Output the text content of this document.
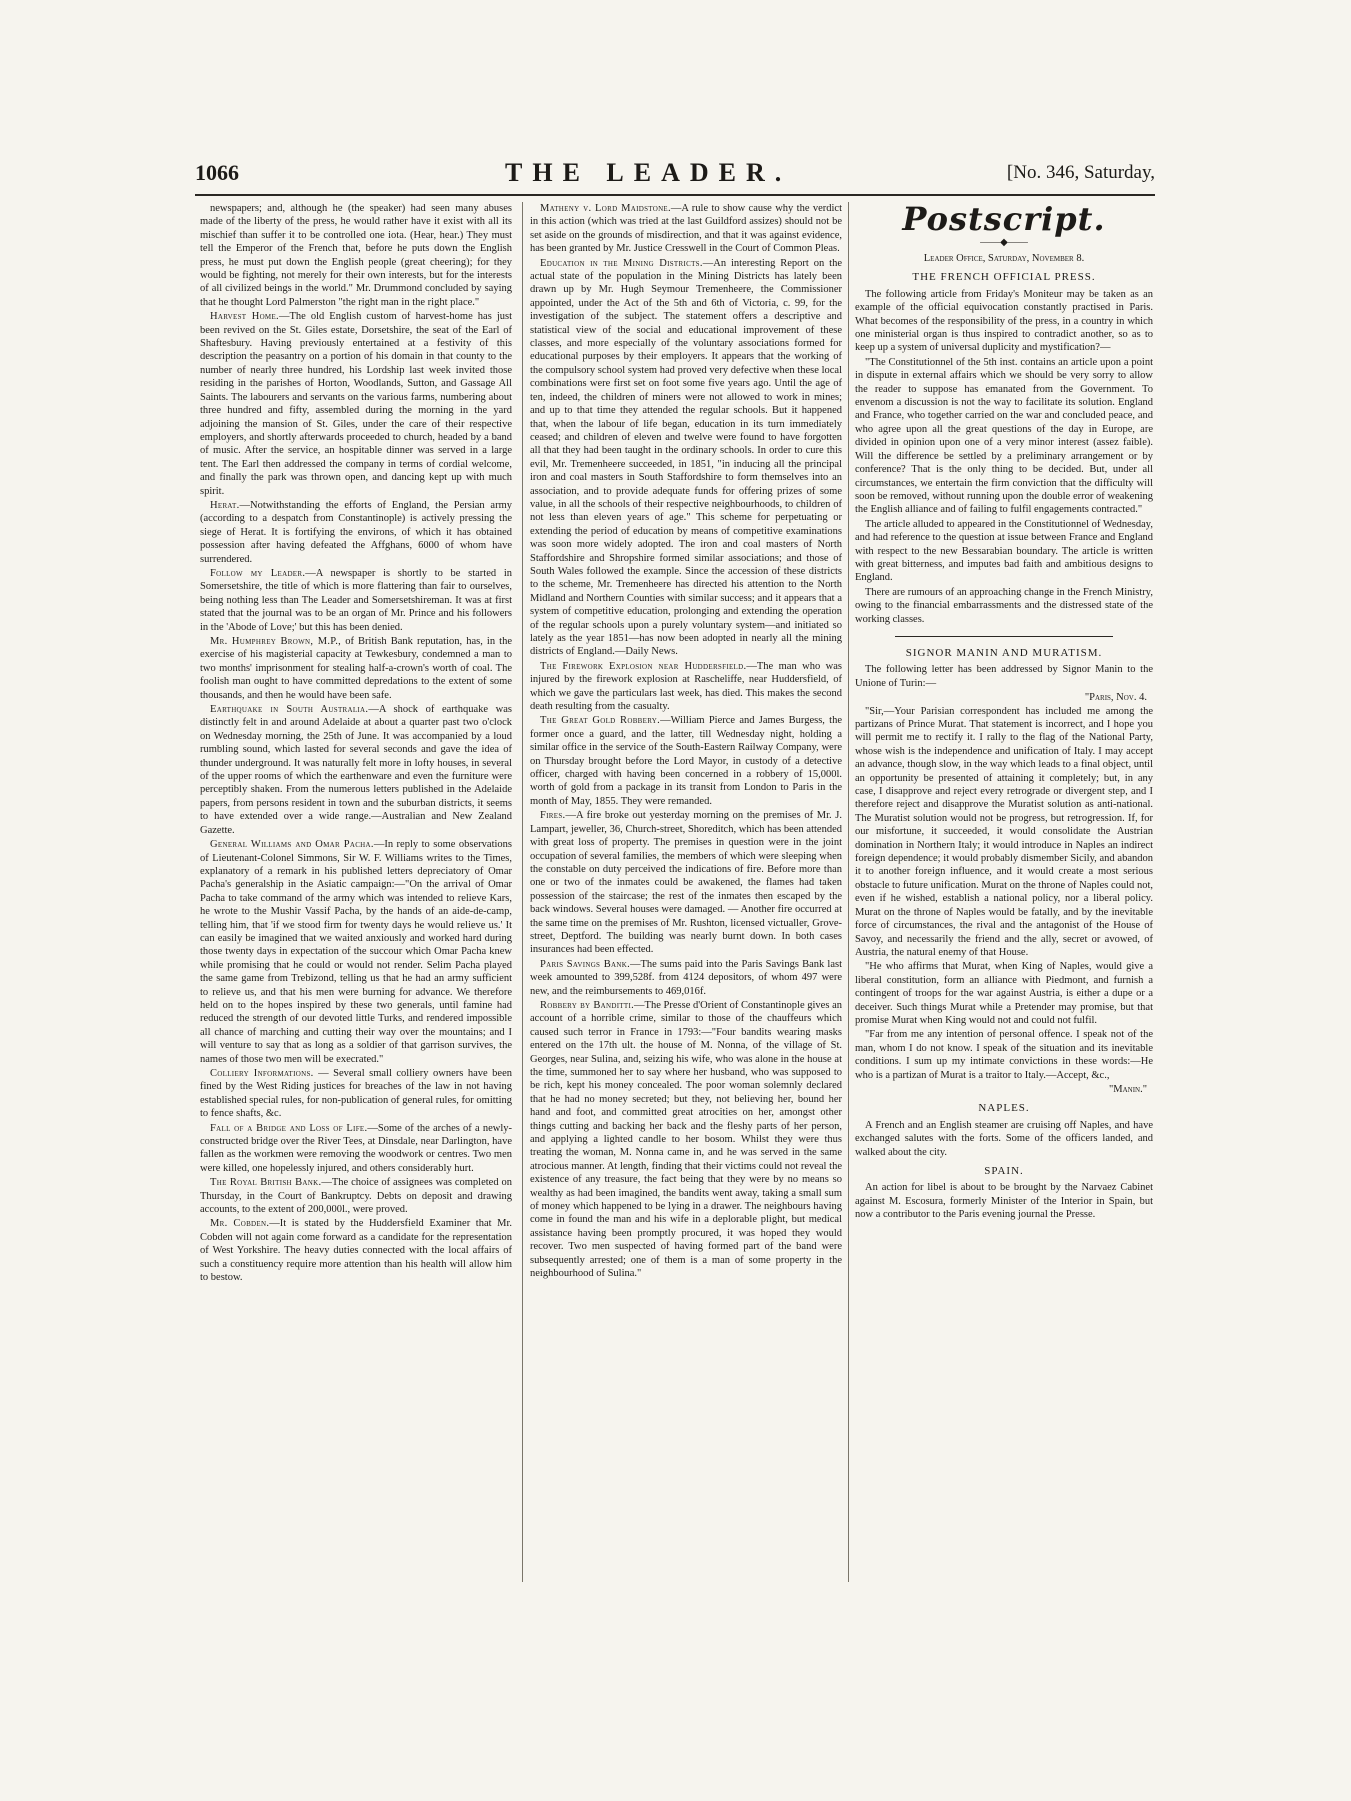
1066	THE LEADER.	[No. 346, Saturday,

newspapers; and, although he (the speaker) had seen many abuses made of the liberty of the press, he would rather have it exist with all its mischief than suffer it to be controlled one iota. (Hear, hear.) They must tell the Emperor of the French that, before he puts down the English press, he must put down the English people (great cheering); for they would be fighting, not merely for their own interests, but for the interests of all civilized beings in the world." Mr. Drummond concluded by saying that he thought Lord Palmerston "the right man in the right place."

Harvest Home.—The old English custom of harvest-home has just been revived on the St. Giles estate, Dorsetshire, the seat of the Earl of Shaftesbury. Having previously entertained at a festivity of this description the peasantry on a portion of his domain in that county to the number of nearly three hundred, his Lordship last week invited those residing in the parishes of Horton, Woodlands, Sutton, and Gassage All Saints. The labourers and servants on the various farms, numbering about three hundred and fifty, assembled during the morning in the yard adjoining the mansion of St. Giles, under the care of their respective employers, and shortly afterwards proceeded to church, headed by a band of music. After the service, an hospitable dinner was served in a large tent. The Earl then addressed the company in terms of cordial welcome, and finally the park was thrown open, and dancing kept up with much spirit.

Herat.—Notwithstanding the efforts of England, the Persian army (according to a despatch from Constantinople) is actively pressing the siege of Herat. It is fortifying the environs, of which it has obtained possession after having defeated the Affghans, 6000 of whom have surrendered.

Follow my Leader.—A newspaper is shortly to be started in Somersetshire, the title of which is more flattering than fair to ourselves, being nothing less than The Leader and Somersetshireman. It was at first stated that the journal was to be an organ of Mr. Prince and his followers in the 'Abode of Love;' but this has been denied.

Mr. Humphrey Brown, M.P., of British Bank reputation, has, in the exercise of his magisterial capacity at Tewkesbury, condemned a man to two months' imprisonment for stealing half-a-crown's worth of coal. The foolish man ought to have committed depredations to the extent of some thousands, and then he would have been safe.

Earthquake in South Australia.—A shock of earthquake was distinctly felt in and around Adelaide at about a quarter past two o'clock on Wednesday morning, the 25th of June. It was accompanied by a loud rumbling sound, which lasted for several seconds and gave the idea of thunder underground. It was naturally felt more in lofty houses, in several of the upper rooms of which the earthenware and even the furniture were perceptibly shaken. From the numerous letters published in the Adelaide papers, from persons resident in town and the suburban districts, it seems to have extended over a wide range.—Australian and New Zealand Gazette.

General Williams and Omar Pacha.—In reply to some observations of Lieutenant-Colonel Simmons, Sir W. F. Williams writes to the Times, explanatory of a remark in his published letters depreciatory of Omar Pacha's generalship in the Asiatic campaign:—"On the arrival of Omar Pacha to take command of the army which was intended to relieve Kars, he wrote to the Mushir Vassif Pacha, by the hands of an aide-de-camp, telling him, that 'if we stood firm for twenty days he would relieve us.' It can easily be imagined that we waited anxiously and worked hard during those twenty days in expectation of the succour which Omar Pacha knew while promising that he could or would not render. Selim Pacha played the same game from Trebizond, telling us that he had an army sufficient to relieve us, and that his men were burning for advance. We therefore held on to the hopes inspired by these two generals, until famine had reduced the strength of our devoted little Turks, and rendered impossible all chance of marching and cutting their way over the mountains; and I will venture to say that as long as a soldier of that garrison survives, the names of those two men will be execrated."

Colliery Informations. — Several small colliery owners have been fined by the West Riding justices for breaches of the law in not having established special rules, for non-publication of general rules, for omitting to fence shafts, &c.

Fall of a Bridge and Loss of Life.—Some of the arches of a newly-constructed bridge over the River Tees, at Dinsdale, near Darlington, have fallen as the workmen were removing the woodwork or centres. Two men were killed, one hopelessly injured, and others considerably hurt.

The Royal British Bank.—The choice of assignees was completed on Thursday, in the Court of Bankruptcy. Debts on deposit and drawing accounts, to the extent of 200,000l., were proved.

Mr. Cobden.—It is stated by the Huddersfield Examiner that Mr. Cobden will not again come forward as a candidate for the representation of West Yorkshire. The heavy duties connected with the local affairs of such a constituency require more attention than his health will allow him to bestow.

Matheny v. Lord Maidstone.—A rule to show cause why the verdict in this action (which was tried at the last Guildford assizes) should not be set aside on the grounds of misdirection, and that it was against evidence, has been granted by Mr. Justice Cresswell in the Court of Common Pleas.

Education in the Mining Districts.—An interesting Report on the actual state of the population in the Mining Districts has lately been drawn up by Mr. Hugh Seymour Tremenheere, the Commissioner appointed, under the Act of the 5th and 6th of Victoria, c. 99, for the investigation of the subject. The statement offers a descriptive and statistical view of the social and educational improvement of these classes, and more especially of the voluntary associations formed for educational purposes by their employers. It appears that the working of the compulsory school system had proved very defective when these local combinations were first set on foot some five years ago. Until the age of ten, indeed, the children of miners were not allowed to work in mines; and up to that time they attended the regular schools. But it happened that, when the labour of life began, education in its turn immediately ceased; and children of eleven and twelve were found to have forgotten all that they had been taught in the ordinary schools. In order to cure this evil, Mr. Tremenheere succeeded, in 1851, "in inducing all the principal iron and coal masters in South Staffordshire to form themselves into an association, and to provide adequate funds for offering prizes of some value, in all the schools of their respective neighbourhoods, to children of not less than eleven years of age." This scheme for perpetuating or extending the period of education by means of competitive examinations was soon more widely adopted. The iron and coal masters of North Staffordshire and Shropshire formed similar associations; and those of South Wales followed the example. Since the accession of these districts to the scheme, Mr. Tremenheere has directed his attention to the North Midland and Northern Counties with similar success; and it appears that a system of competitive education, prolonging and extending the operation of the regular schools upon a purely voluntary system—and initiated so lately as the year 1851—has now been adopted in nearly all the mining districts of England.—Daily News.

The Firework Explosion near Huddersfield.—The man who was injured by the firework explosion at Rascheliffe, near Huddersfield, of which we gave the particulars last week, has died. This makes the second death resulting from the casualty.

The Great Gold Robbery.—William Pierce and James Burgess, the former once a guard, and the latter, till Wednesday night, holding a similar office in the service of the South-Eastern Railway Company, were on Thursday brought before the Lord Mayor, in custody of a detective officer, charged with having been concerned in a robbery of 15,000l. worth of gold from a package in its transit from London to Paris in the month of May, 1855. They were remanded.

Fires.—A fire broke out yesterday morning on the premises of Mr. J. Lampart, jeweller, 36, Church-street, Shoreditch, which has been attended with great loss of property. The premises in question were in the joint occupation of several families, the members of which were sleeping when the constable on duty perceived the indications of fire. Before more than one or two of the inmates could be awakened, the flames had taken possession of the staircase; the rest of the inmates then escaped by the back windows. Several houses were damaged. — Another fire occurred at the same time on the premises of Mr. Rushton, licensed victualler, Grove-street, Deptford. The building was nearly burnt down. In both cases insurances had been effected.

Paris Savings Bank.—The sums paid into the Paris Savings Bank last week amounted to 399,528f. from 4124 depositors, of whom 497 were new, and the reimbursements to 469,016f.

Robbery by Banditti.—The Presse d'Orient of Constantinople gives an account of a horrible crime, similar to those of the chauffeurs which caused such terror in France in 1793:—"Four bandits wearing masks entered on the 17th ult. the house of M. Nonna, of the village of St. Georges, near Sulina, and, seizing his wife, who was alone in the house at the time, summoned her to say where her husband, who was supposed to be rich, kept his money concealed. The poor woman solemnly declared that he had no money secreted; but they, not believing her, bound her hand and foot, and committed great atrocities on her, amongst other things cutting and backing her back and the fleshy parts of her person, and applying a lighted candle to her bosom. Whilst they were thus treating the woman, M. Nonna came in, and he was served in the same atrocious manner. At length, finding that their victims could not reveal the existence of any treasure, the fact being that they were by no means so wealthy as had been imagined, the bandits went away, taking a small sum of money which happened to be lying in a drawer. The neighbours having come in found the man and his wife in a deplorable plight, but medical assistance having been promptly procured, it was hoped they would recover. Two men suspected of having formed part of the band were subsequently arrested; one of them is a man of some property in the neighbourhood of Sulina."

Postscript.
——◆——
Leader Office, Saturday, November 8.
THE FRENCH OFFICIAL PRESS.

The following article from Friday's Moniteur may be taken as an example of the official equivocation constantly practised in Paris. What becomes of the responsibility of the press, in a country in which one ministerial organ is thus inspired to contradict another, so as to keep up a system of universal duplicity and mystification?—

"The Constitutionnel of the 5th inst. contains an article upon a point in dispute in external affairs which we should be very sorry to allow the reader to suppose has emanated from the Government. To envenom a discussion is not the way to facilitate its solution. England and France, who together carried on the war and concluded peace, and who agree upon all the great questions of the day in Europe, are divided in opinion upon one of a very minor interest (assez faible). Will the difference be settled by a preliminary arrangement or by conference? That is the only thing to be decided. But, under all circumstances, we entertain the firm conviction that the difficulty will soon be removed, without running upon the double error of weakening the English alliance and of failing to fulfil engagements contracted."

The article alluded to appeared in the Constitutionnel of Wednesday, and had reference to the question at issue between France and England with respect to the new Bessarabian boundary. The article is written with great bitterness, and imputes bad faith and ambitious designs to England.

There are rumours of an approaching change in the French Ministry, owing to the financial embarrassments and the distressed state of the working classes.

SIGNOR MANIN AND MURATISM.

The following letter has been addressed by Signor Manin to the Unione of Turin:—

"Paris, Nov. 4.

"Sir,—Your Parisian correspondent has included me among the partizans of Prince Murat. That statement is incorrect, and I hope you will permit me to rectify it. I rally to the flag of the National Party, whose wish is the independence and unification of Italy. I may accept an advance, though slow, in the way which leads to a final object, until an opportunity be presented of attaining it completely; but, in any case, I disapprove and reject every retrograde or divergent step, and I therefore reject and disapprove the Muratist solution as anti-national. The Muratist solution would not be progress, but retrogression. If, for our misfortune, it succeeded, it would consolidate the Austrian domination in Northern Italy; it would introduce in Naples an indirect foreign dependence; it would probably dismember Sicily, and abandon it to another foreign influence, and it would create a most serious obstacle to future unification. Murat on the throne of Naples could not, even if he wished, establish a national policy, nor a liberal policy. Murat on the throne of Naples would be fatally, and by the inevitable force of circumstances, the rival and the antagonist of the House of Savoy, and necessarily the friend and the ally, secret or avowed, of Austria, the natural enemy of that House.

"He who affirms that Murat, when King of Naples, would give a liberal constitution, form an alliance with Piedmont, and furnish a contingent of troops for the war against Austria, is either a dupe or a deceiver. Such things Murat while a Pretender may promise, but that promise Murat when King would not and could not fulfil.

"Far from me any intention of personal offence. I speak not of the man, whom I do not know. I speak of the situation and its inevitable conditions. I sum up my intimate convictions in these words:—He who is a partizan of Murat is a traitor to Italy.—Accept, &c.,

"Manin."
NAPLES.

A French and an English steamer are cruising off Naples, and have exchanged salutes with the forts. Some of the officers landed, and walked about the city.

SPAIN.

An action for libel is about to be brought by the Narvaez Cabinet against M. Escosura, formerly Minister of the Interior in Spain, but now a contributor to the Paris evening journal the Presse.
